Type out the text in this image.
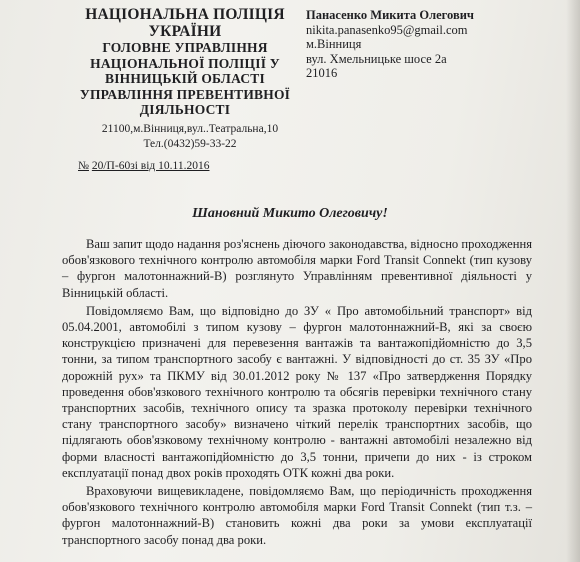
НАЦІОНАЛЬНА ПОЛІЦІЯ
УКРАЇНИ
ГОЛОВНЕ УПРАВЛІННЯ
НАЦІОНАЛЬНОЇ ПОЛІЦІЇ У
ВІННИЦЬКІЙ ОБЛАСТІ
УПРАВЛІННЯ ПРЕВЕНТИВНОЇ
ДІЯЛЬНОСТІ
21100,м.Вінниця,вул..Театральна,10
Тел.(0432)59-33-22
№ 20/П-60зі від 10.11.2016
Панасенко Микита Олегович
nikita.panasenko95@gmail.com
м.Вінниця
вул. Хмельницьке шосе 2а
21016
Шановний Микито Олеговичу!

Ваш запит щодо надання роз'яснень діючого законодавства, відносно проходження обов'язкового технічного контролю автомобіля марки Ford Transit Connekt (тип кузову – фургон малотоннажний-В) розглянуто Управлінням превентивної діяльності у Вінницькій області.

Повідомляємо Вам, що відповідно до ЗУ « Про автомобільний транспорт» від 05.04.2001, автомобілі з типом кузову – фургон малотоннажний-В, які за своєю конструкцією призначені для перевезення вантажів та вантажопідйомністю до 3,5 тонни, за типом транспортного засобу є вантажні. У відповідності до ст. 35 ЗУ «Про дорожній рух» та ПКМУ від 30.01.2012 року № 137 «Про затвердження Порядку проведення обов'язкового технічного контролю та обсягів перевірки технічного стану транспортних засобів, технічного опису та зразка протоколу перевірки технічного стану транспортного засобу» визначено чіткий перелік транспортних засобів, що підлягають обов'язковому технічному контролю - вантажні автомобілі незалежно від форми власності вантажопідйомністю до 3,5 тонни, причепи до них - із строком експлуатації понад двох років проходять ОТК кожні два роки.

Враховуючи вищевикладене, повідомляємо Вам, що періодичність проходження обов'язкового технічного контролю автомобіля марки Ford Transit Connekt (тип т.з. – фургон малотоннажний-В) становить кожні два роки за умови експлуатації транспортного засобу понад два роки.
